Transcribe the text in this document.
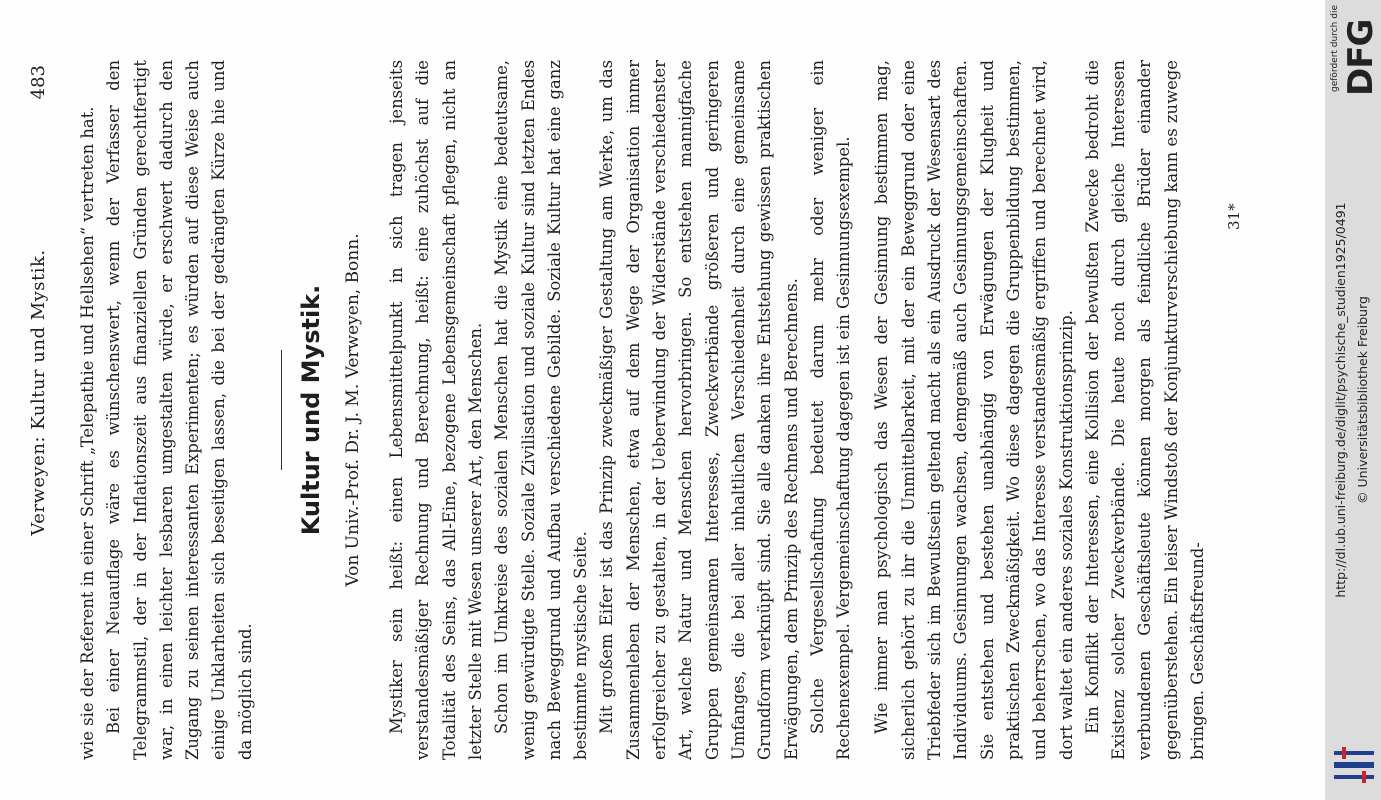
Verweyen: Kultur und Mystik.
483

wie sie der Referent in einer Schrift „Telepathie und Hellsehen“ vertreten hat. Bei einer Neuauflage wäre es wünschenswert, wenn der Verfasser den Telegrammstil, der in der Inflationszeit aus finanziellen Gründen gerechtfertigt war, in einen leichter lesbaren umgestalten würde, er erschwert dadurch den Zugang zu seinen interessanten Experimenten; es würden auf diese Weise auch einige Unklarheiten sich beseitigen lassen, die bei der gedrängten Kürze hie und da möglich sind.

Kultur und Mystik. Von Univ.-Prof. Dr. J. M. Verweyen, Bonn. Mystiker sein heißt: einen Lebensmittelpunkt in sich tragen jenseits verstandesmäßiger Rechnung und Berechnung, heißt: eine zuhöchst auf die Totalität des Seins, das All-Eine, bezogene Lebensgemeinschaft pflegen, nicht an letzter Stelle mit Wesen unserer Art, den Menschen. Schon im Umkreise des sozialen Menschen hat die Mystik eine bedeutsame, wenig gewürdigte Stelle. Soziale Zivilisation und soziale Kultur sind letzten Endes nach Beweggrund und Aufbau verschiedene Gebilde. Soziale Kultur hat eine ganz bestimmte mystische Seite. Mit großem Eifer ist das Prinzip zweckmäßiger Gestaltung am Werke, um das Zusammenleben der Menschen, etwa auf dem Wege der Organisation immer erfolgreicher zu gestalten, in der Ueberwindung der Widerstände verschiedenster Art, welche Natur und Menschen hervorbringen. So entstehen mannigfache Gruppen gemeinsamen Interesses, Zweckverbände größeren und geringeren Umfanges, die bei aller inhaltlichen Verschiedenheit durch eine gemeinsame Grundform verknüpft sind. Sie alle danken ihre Entstehung gewissen praktischen Erwägungen, dem Prinzip des Rechnens und Berechnens. Solche Vergesellschaftung bedeutet darum mehr oder weniger ein Rechenexempel. Vergemeinschaftung dagegen ist ein Gesinnungsexempel. Wie immer man psychologisch das Wesen der Gesinnung bestimmen mag, sicherlich gehört zu ihr die Unmittelbarkeit, mit der ein Beweggrund oder eine Triebfeder sich im Bewußtsein geltend macht als ein Ausdruck der Wesensart des Individuums. Gesinnungen wachsen, demgemäß auch Gesinnungsgemeinschaften. Sie entstehen und bestehen unabhängig von Erwägungen der Klugheit und praktischen Zweckmäßigkeit. Wo diese dagegen die Gruppenbildung bestimmen, und beherrschen, wo das Interesse verstandesmäßig ergriffen und berechnet wird, dort waltet ein anderes soziales Konstruktionsprinzip. Ein Konflikt der Interessen, eine Kollision der bewußten Zwecke bedroht die Existenz solcher Zweckverbände. Die heute noch durch gleiche Interessen verbundenen Geschäftsleute können morgen als feindliche Brüder einander gegenüberstehen. Ein leiser Windstoß der Konjunkturverschiebung kann es zuwege bringen. Geschäftsfreund-

31*
gefördert durch die DFG
http://dl.ub.uni-freiburg.de/diglit/psychische_studien1925/0491 © Universitätsbibliothek Freiburg
